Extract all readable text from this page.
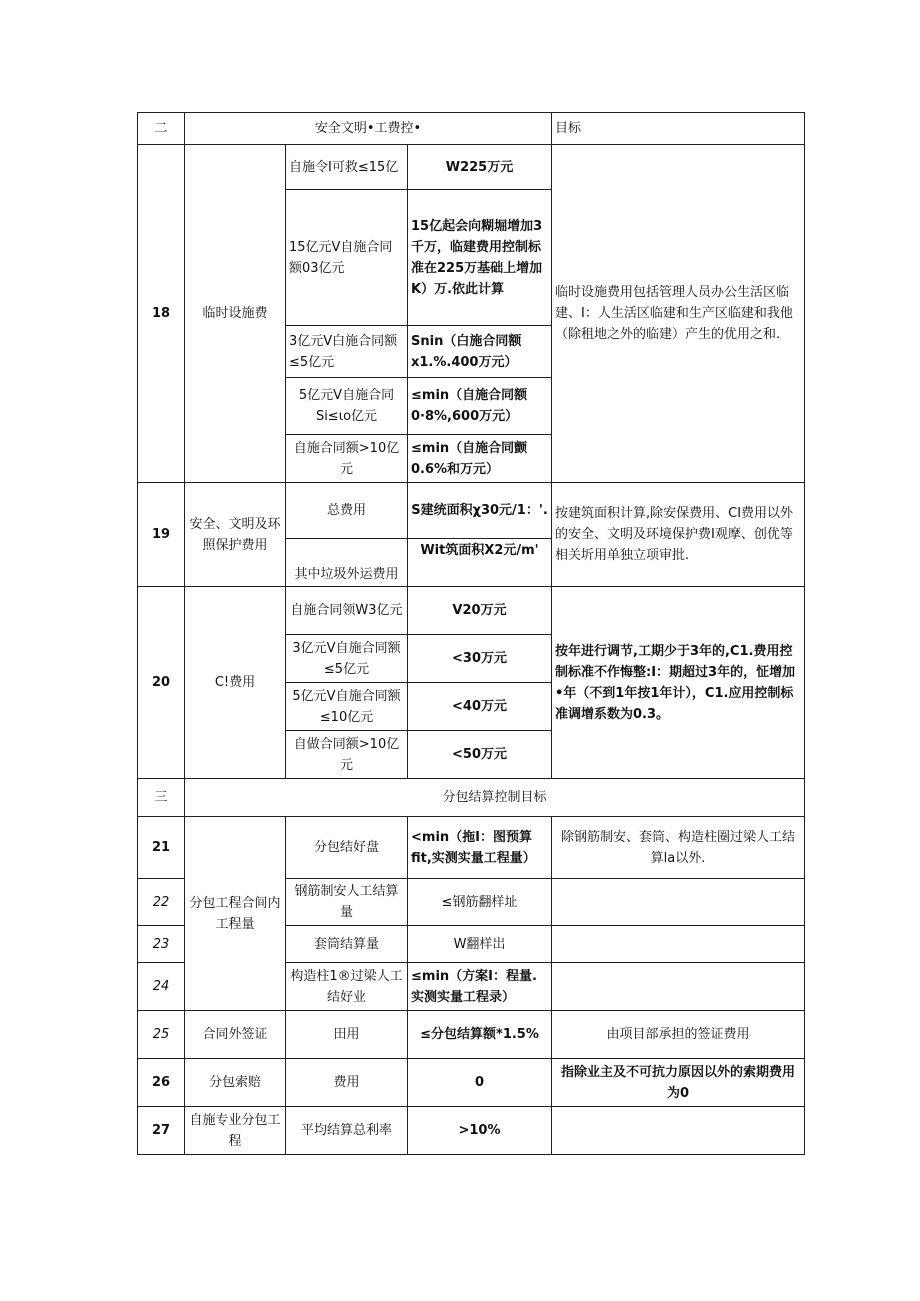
二	安全文明•工费控•			目标
18	临时设施费	自施令I可救≤15亿	W225万元	临时设施费用包括管理人员办公生活区临建、I：人生活区临建和生产区临建和我他（除租地之外的临建）产生的优用之和.
		15亿元V自施合同额03亿元	15亿起会向糊堀增加3千万，临建费用控制标准在225万基础上增加K）万.依此计算	
		3亿元V白施合同额≤5亿元	Snin（白施合同额x1.%.400万元）	
		5亿元V自施合同Si≤ιo亿元	≤min（自施合同额0·8%,600万元）	
		自施合同额>10亿元	≤min（自施合同颤0.6%和万元）	
19	安全、文明及环照保护费用	总费用	S建统面积χ30元/1：'.	按建筑面积计算,除安保费用、CI费用以外的安全、文明及环境保护费I观摩、创优等相关圻用单独立项审批.
		其中垃圾外运费用	Wit筑面积X2元/m'	
20	C!费用	自施合同领W3亿元	V20万元	按年进行调节,工期少于3年的,C1.费用控制标准不作悔整:I：期超过3年的，怔增加•年（不到1年按1年计），C1.应用控制标准调增系数为0.3。
		3亿元V自施合同额≤5亿元	<30万元	
		5亿元V自施合同额≤10亿元	<40万元	
		自做合同额>10亿元	<50万元	
三	分包结算控制目标			
21	分包工程合间内工程量	分包结好盘	<min（拖I：图预算fit,实测实量工程量）	除钢筋制安、套筒、构造柱圈过梁人工结算la以外.
22		钢筋制安人工结算量	≤钢筋翻样址	
23		套筒结算量	W翻样岀	
24		构造柱1®过梁人工结好业	≤min（方案I：程量.实测实量工程录）	
25	合同外签证	田用	≤分包结算额*1.5%	由项目部承担的签证费用
26	分包索赔	费用	0	指除业主及不可抗力原因以外的索期费用为0
27	自施专业分包工程	平均结算总利率	>10%	
